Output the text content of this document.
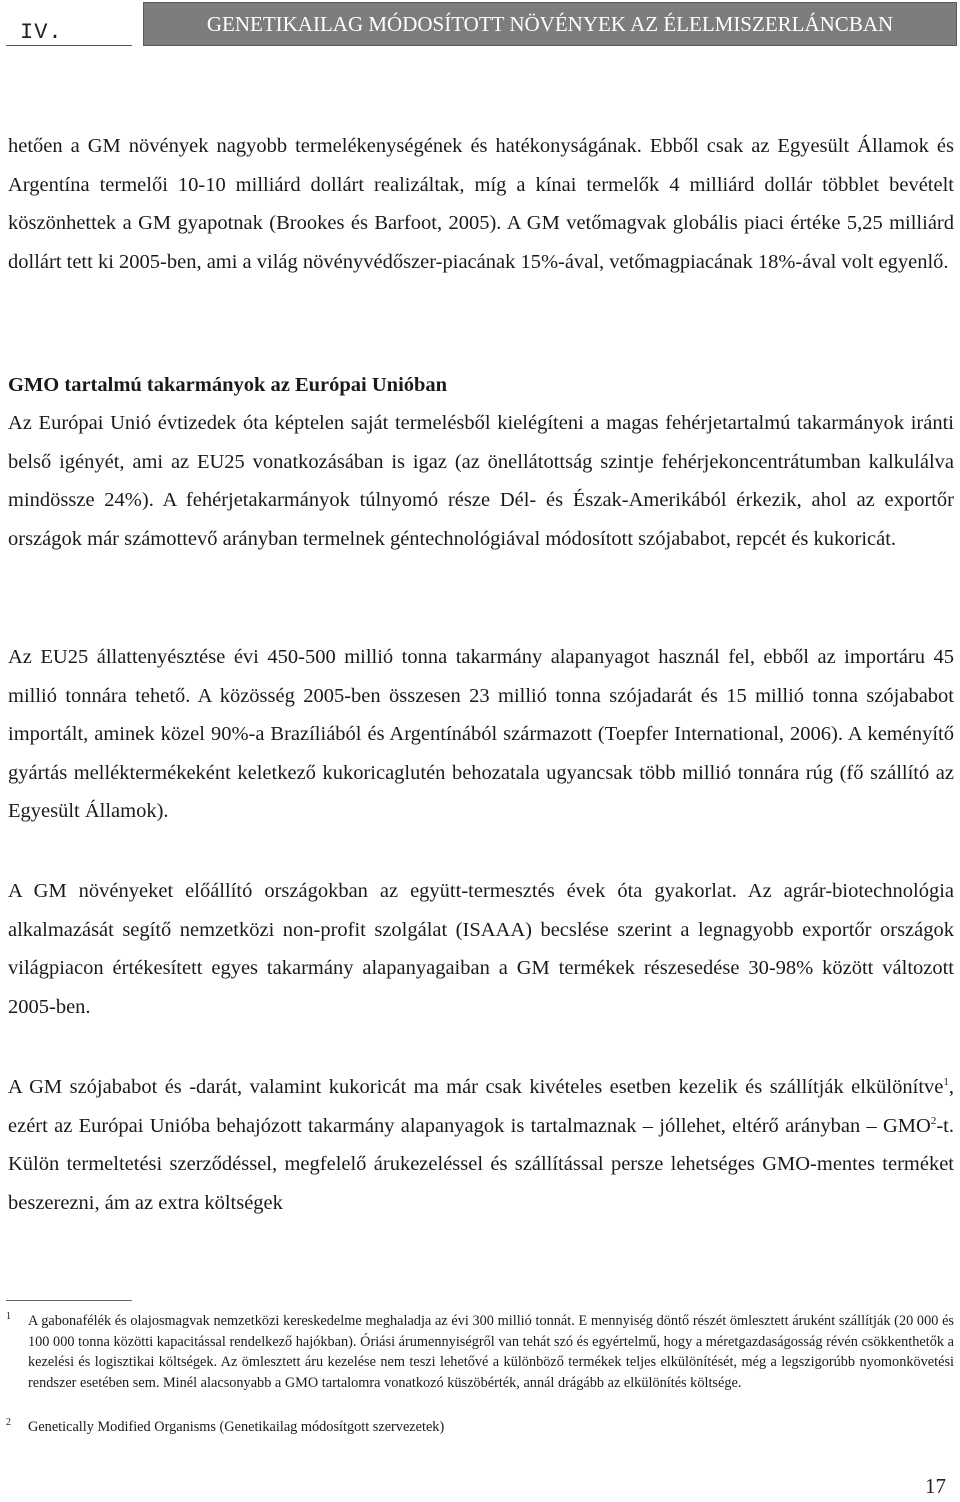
IV.	GENETIKAILAG MÓDOSÍTOTT NÖVÉNYEK AZ ÉLELMISZERLÁNCBAN

hetően a GM növények nagyobb termelékenységének és hatékonyságának. Ebből csak az Egyesült Államok és Argentína termelői 10-10 milliárd dollárt realizáltak, míg a kínai termelők 4 milliárd dollár többlet bevételt köszönhettek a GM gyapotnak (Brookes és Barfoot, 2005). A GM vetőmagvak globális piaci értéke 5,25 milliárd dollárt tett ki 2005-ben, ami a világ növényvédőszer-piacának 15%-ával, vetőmagpiacának 18%-ával volt egyenlő.

GMO tartalmú takarmányok az Európai Unióban

Az Európai Unió évtizedek óta képtelen saját termelésből kielégíteni a magas fehérjetartalmú takarmányok iránti belső igényét, ami az EU25 vonatkozásában is igaz (az önellátottság szintje fehérjekoncentrátumban kalkulálva mindössze 24%). A fehérjetakarmányok túlnyomó része Dél- és Észak-Amerikából érkezik, ahol az exportőr országok már számottevő arányban termelnek géntechnológiával módosított szójababot, repcét és kukoricát.

Az EU25 állattenyésztése évi 450-500 millió tonna takarmány alapanyagot használ fel, ebből az importáru 45 millió tonnára tehető. A közösség 2005-ben összesen 23 millió tonna szójadarát és 15 millió tonna szójababot importált, aminek közel 90%-a Brazíliából és Argentínából származott (Toepfer International, 2006). A keményítő gyártás melléktermékeként keletkező kukoricaglutén behozatala ugyancsak több millió tonnára rúg (fő szállító az Egyesült Államok).

A GM növényeket előállító országokban az együtt-termesztés évek óta gyakorlat. Az agrár-biotechnológia alkalmazását segítő nemzetközi non-profit szolgálat (ISAAA) becslése szerint a legnagyobb exportőr országok világpiacon értékesített egyes takarmány alapanyagaiban a GM termékek részesedése 30-98% között változott 2005-ben.

A GM szójababot és -darát, valamint kukoricát ma már csak kivételes esetben kezelik és szállítják elkülönítve$^1$, ezért az Európai Unióba behajózott takarmány alapanyagok is tartalmaznak – jóllehet, eltérő arányban – GMO$^2$-t. Külön termeltetési szerződéssel, megfelelő árukezeléssel és szállítással persze lehetséges GMO-mentes terméket beszerezni, ám az extra költségek

1 A gabonafélék és olajosmagvak nemzetközi kereskedelme meghaladja az évi 300 millió tonnát. E mennyiség döntő részét ömlesztett áruként szállítják (20 000 és 100 000 tonna közötti kapacitással rendelkező hajókban). Óriási árumennyiségről van tehát szó és egyértelmű, hogy a méretgazdaságosság révén csökkenthetők a kezelési és logisztikai költségek. Az ömlesztett áru kezelése nem teszi lehetővé a különböző termékek teljes elkülönítését, még a legszigorúbb nyomonkövetési rendszer esetében sem. Minél alacsonyabb a GMO tartalomra vonatkozó küszöbérték, annál drágább az elkülönítés költsége.
2 Genetically Modified Organisms (Genetikailag módosítgott szervezetek)
17
